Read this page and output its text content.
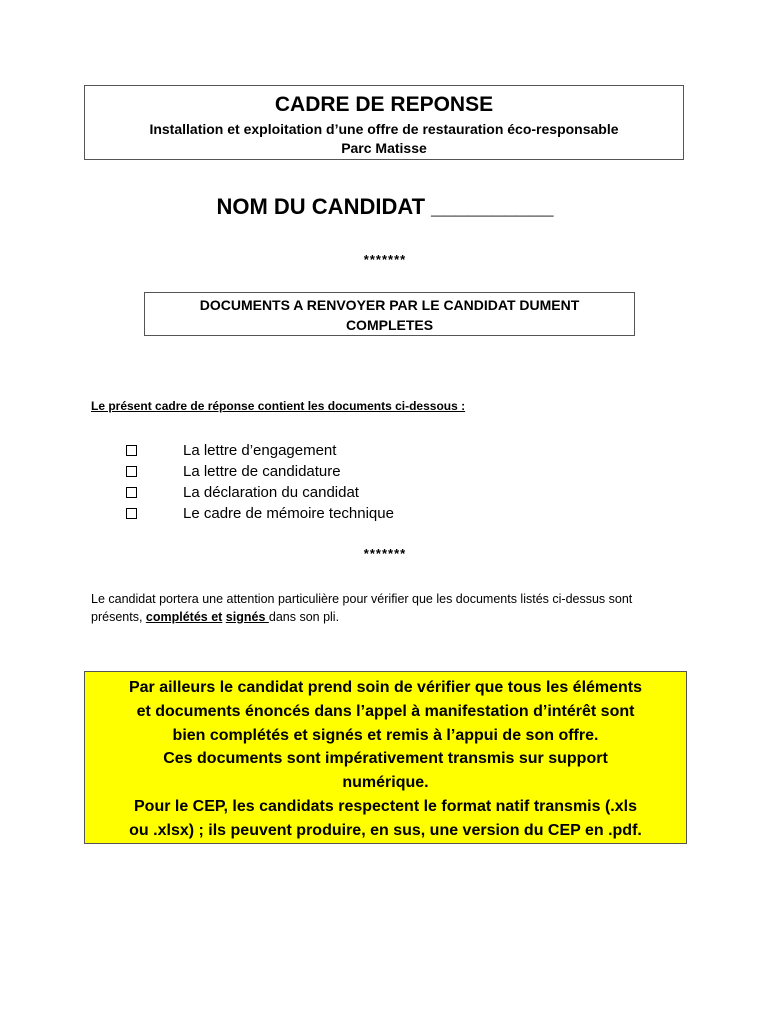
CADRE DE REPONSE
Installation et exploitation d’une offre de restauration éco-responsable
Parc Matisse
NOM DU CANDIDAT __________
*******
DOCUMENTS A RENVOYER PAR LE CANDIDAT DUMENT
COMPLETES
Le présent cadre de réponse contient les documents ci-dessous :
La lettre d’engagement
La lettre de candidature
La déclaration du candidat
Le cadre de mémoire technique
*******
Le candidat portera une attention particulière pour vérifier que les documents listés ci-dessus sont présents, complétés et signés dans son pli.
Par ailleurs le candidat prend soin de vérifier que tous les éléments
et documents énoncés dans l’appel à manifestation d’intérêt sont
bien complétés et signés et remis à l’appui de son offre.
Ces documents sont impérativement transmis sur support
numérique.
Pour le CEP, les candidats respectent le format natif transmis (.xls
ou .xlsx) ; ils peuvent produire, en sus, une version du CEP en .pdf.
